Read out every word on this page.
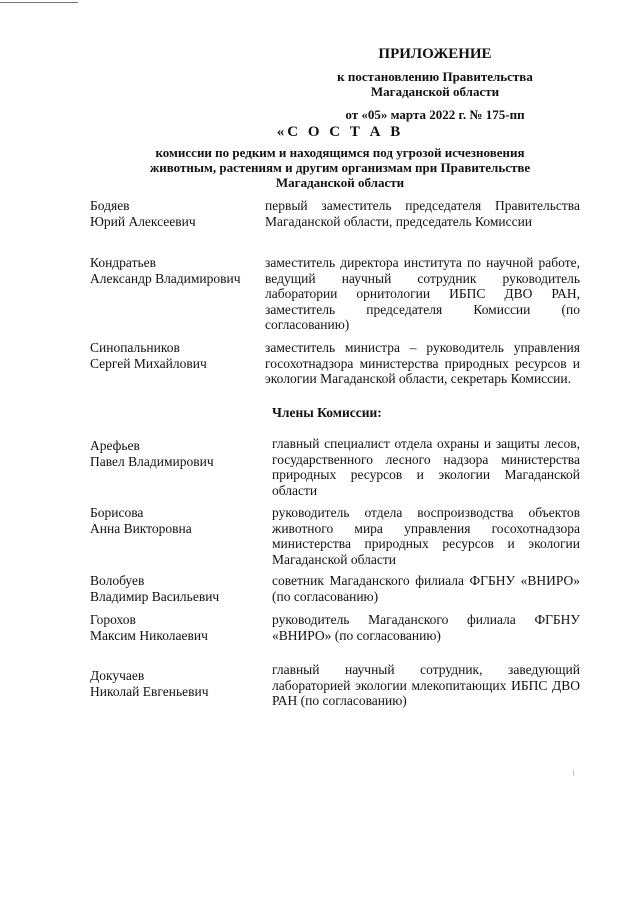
ПРИЛОЖЕНИЕ
к постановлению Правительства
Магаданской области
от «05» марта 2022 г. № 175-пп
«С О С Т А В
комиссии по редким и находящимся под угрозой исчезновения
животным, растениям и другим организмам при Правительстве
Магаданской области
Бодяев
Юрий Алексеевич
первый заместитель председателя Правительства Магаданской области, председатель Комиссии
Кондратьев
Александр Владимирович
заместитель директора института по научной работе, ведущий научный сотрудник руководитель лаборатории орнитологии ИБПС ДВО РАН, заместитель председателя Комиссии (по согласованию)
Синопальников
Сергей Михайлович
заместитель министра – руководитель управления госохотнадзора министерства природных ресурсов и экологии Магаданской области, секретарь Комиссии.
Члены Комиссии:
Арефьев
Павел Владимирович
главный специалист отдела охраны и защиты лесов, государственного лесного надзора министерства природных ресурсов и экологии Магаданской области
Борисова
Анна Викторовна
руководитель отдела воспроизводства объектов животного мира управления госохотнадзора министерства природных ресурсов и экологии Магаданской области
Волобуев
Владимир Васильевич
советник Магаданского филиала ФГБНУ «ВНИРО» (по согласованию)
Горохов
Максим Николаевич
руководитель Магаданского филиала ФГБНУ «ВНИРО» (по согласованию)
Докучаев
Николай Евгеньевич
главный научный сотрудник, заведующий лабораторией экологии млекопитающих ИБПС ДВО РАН (по согласованию)
